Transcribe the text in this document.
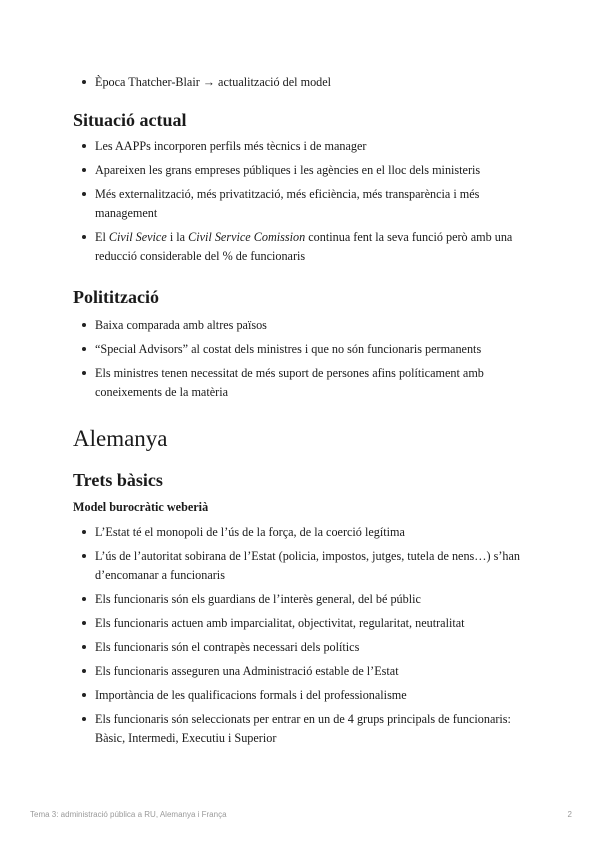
Època Thatcher-Blair → actualització del model
Situació actual
Les AAPPs incorporen perfils més tècnics i de manager
Apareixen les grans empreses públiques i les agències en el lloc dels ministeris
Més externalització, més privatització, més eficiència, més transparència i més management
El Civil Sevice i la Civil Service Comission continua fent la seva funció però amb una reducció considerable del % de funcionaris
Politització
Baixa comparada amb altres països
“Special Advisors” al costat dels ministres i que no són funcionaris permanents
Els ministres tenen necessitat de més suport de persones afins políticament amb coneixements de la matèria
Alemanya
Trets bàsics
Model burocràtic weberià
L’Estat té el monopoli de l’ús de la força, de la coerció legítima
L’ús de l’autoritat sobirana de l’Estat (policia, impostos, jutges, tutela de nens…) s’han d’encomanar a funcionaris
Els funcionaris són els guardians de l’interès general, del bé públic
Els funcionaris actuen amb imparcialitat, objectivitat, regularitat, neutralitat
Els funcionaris són el contrapès necessari dels polítics
Els funcionaris asseguren una Administració estable de l’Estat
Importància de les qualificacions formals i del professionalisme
Els funcionaris són seleccionats per entrar en un de 4 grups principals de funcionaris: Bàsic, Intermedi, Executiu i Superior
Tema 3: administració pública a RU, Alemanya i França	2
